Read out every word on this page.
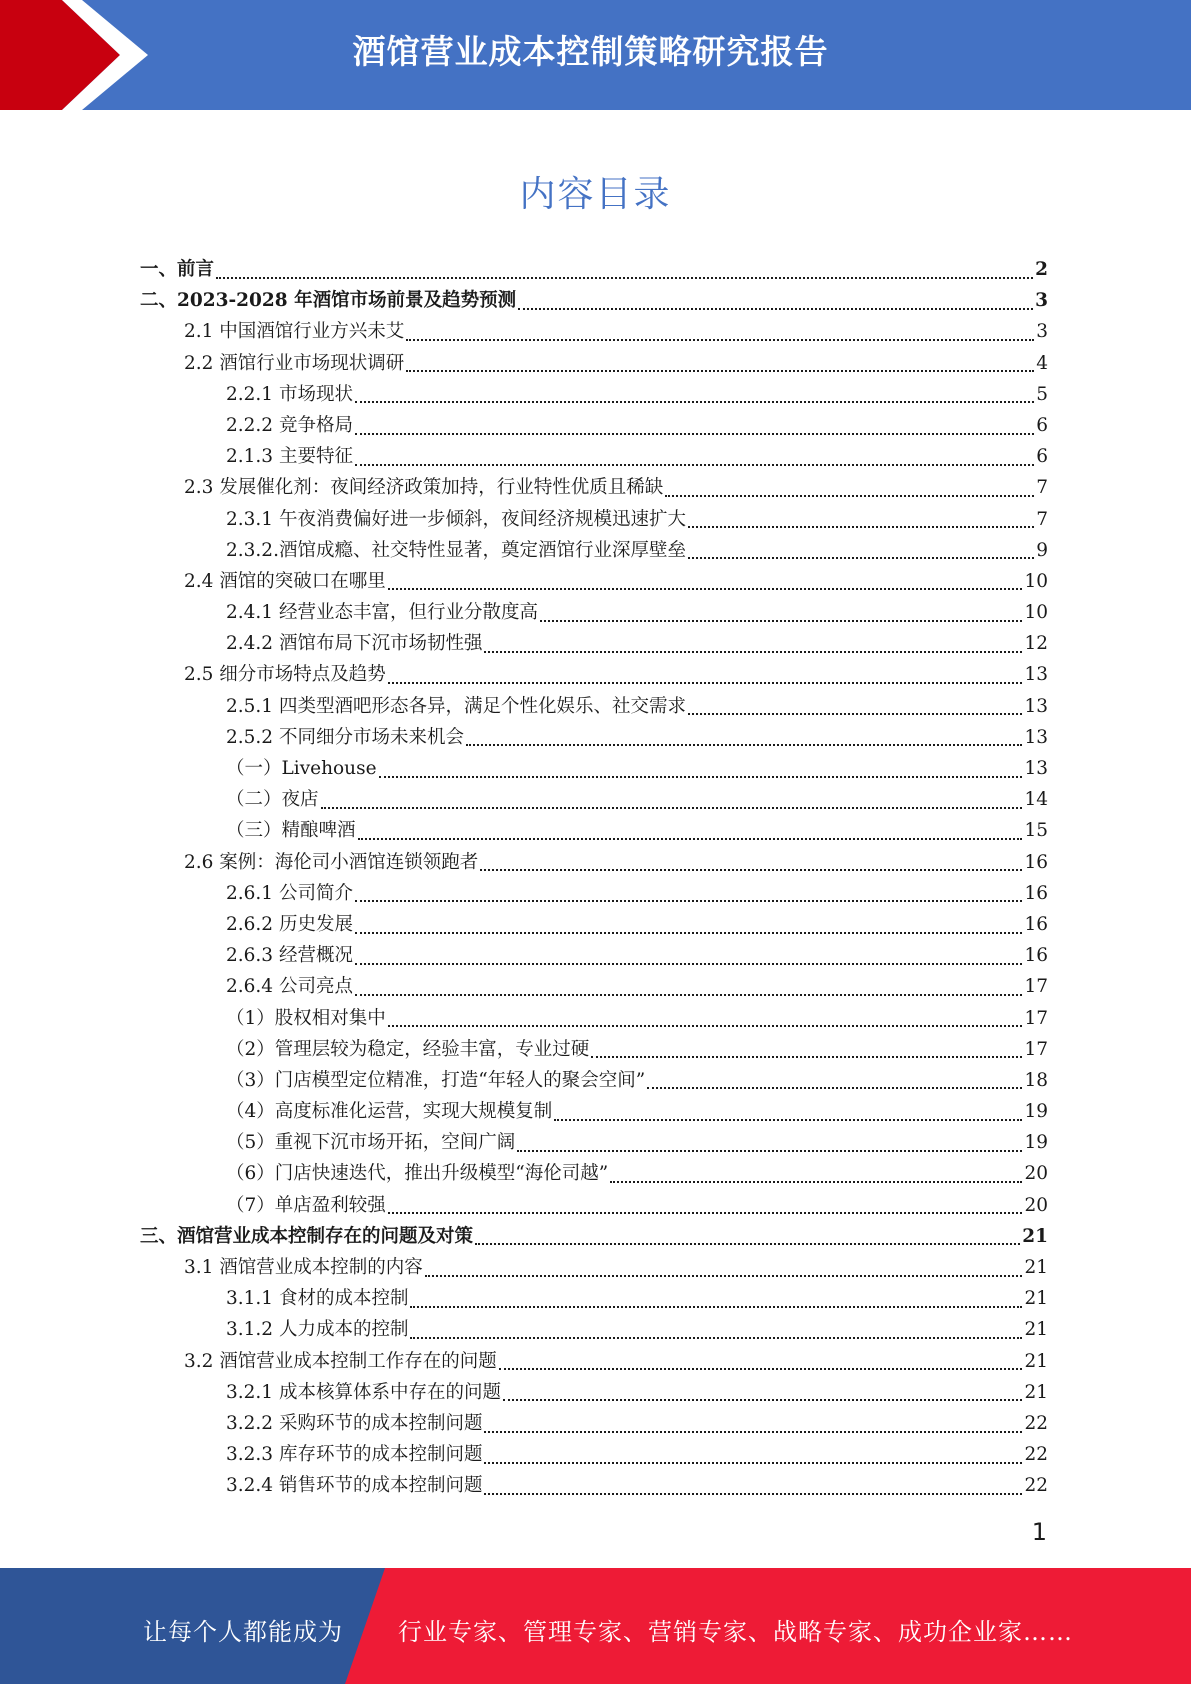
酒馆营业成本控制策略研究报告
内容目录
一、前言	2
二、2023-2028 年酒馆市场前景及趋势预测	3
2.1 中国酒馆行业方兴未艾	3
2.2 酒馆行业市场现状调研	4
2.2.1 市场现状	5
2.2.2 竞争格局	6
2.1.3 主要特征	6
2.3 发展催化剂：夜间经济政策加持，行业特性优质且稀缺	7
2.3.1 午夜消费偏好进一步倾斜，夜间经济规模迅速扩大	7
2.3.2.酒馆成瘾、社交特性显著，奠定酒馆行业深厚壁垒	9
2.4 酒馆的突破口在哪里	10
2.4.1 经营业态丰富，但行业分散度高	10
2.4.2 酒馆布局下沉市场韧性强	12
2.5 细分市场特点及趋势	13
2.5.1 四类型酒吧形态各异，满足个性化娱乐、社交需求	13
2.5.2 不同细分市场未来机会	13
（一）Livehouse	13
（二）夜店	14
（三）精酿啤酒	15
2.6 案例：海伦司小酒馆连锁领跑者	16
2.6.1 公司简介	16
2.6.2 历史发展	16
2.6.3 经营概况	16
2.6.4 公司亮点	17
（1）股权相对集中	17
（2）管理层较为稳定，经验丰富，专业过硬	17
（3）门店模型定位精准，打造“年轻人的聚会空间”	18
（4）高度标准化运营，实现大规模复制	19
（5）重视下沉市场开拓，空间广阔	19
（6）门店快速迭代，推出升级模型“海伦司越”	20
（7）单店盈利较强	20
三、酒馆营业成本控制存在的问题及对策	21
3.1 酒馆营业成本控制的内容	21
3.1.1 食材的成本控制	21
3.1.2 人力成本的控制	21
3.2 酒馆营业成本控制工作存在的问题	21
3.2.1 成本核算体系中存在的问题	21
3.2.2 采购环节的成本控制问题	22
3.2.3 库存环节的成本控制问题	22
3.2.4 销售环节的成本控制问题	22
1
让每个人都能成为 行业专家、管理专家、营销专家、战略专家、成功企业家……
